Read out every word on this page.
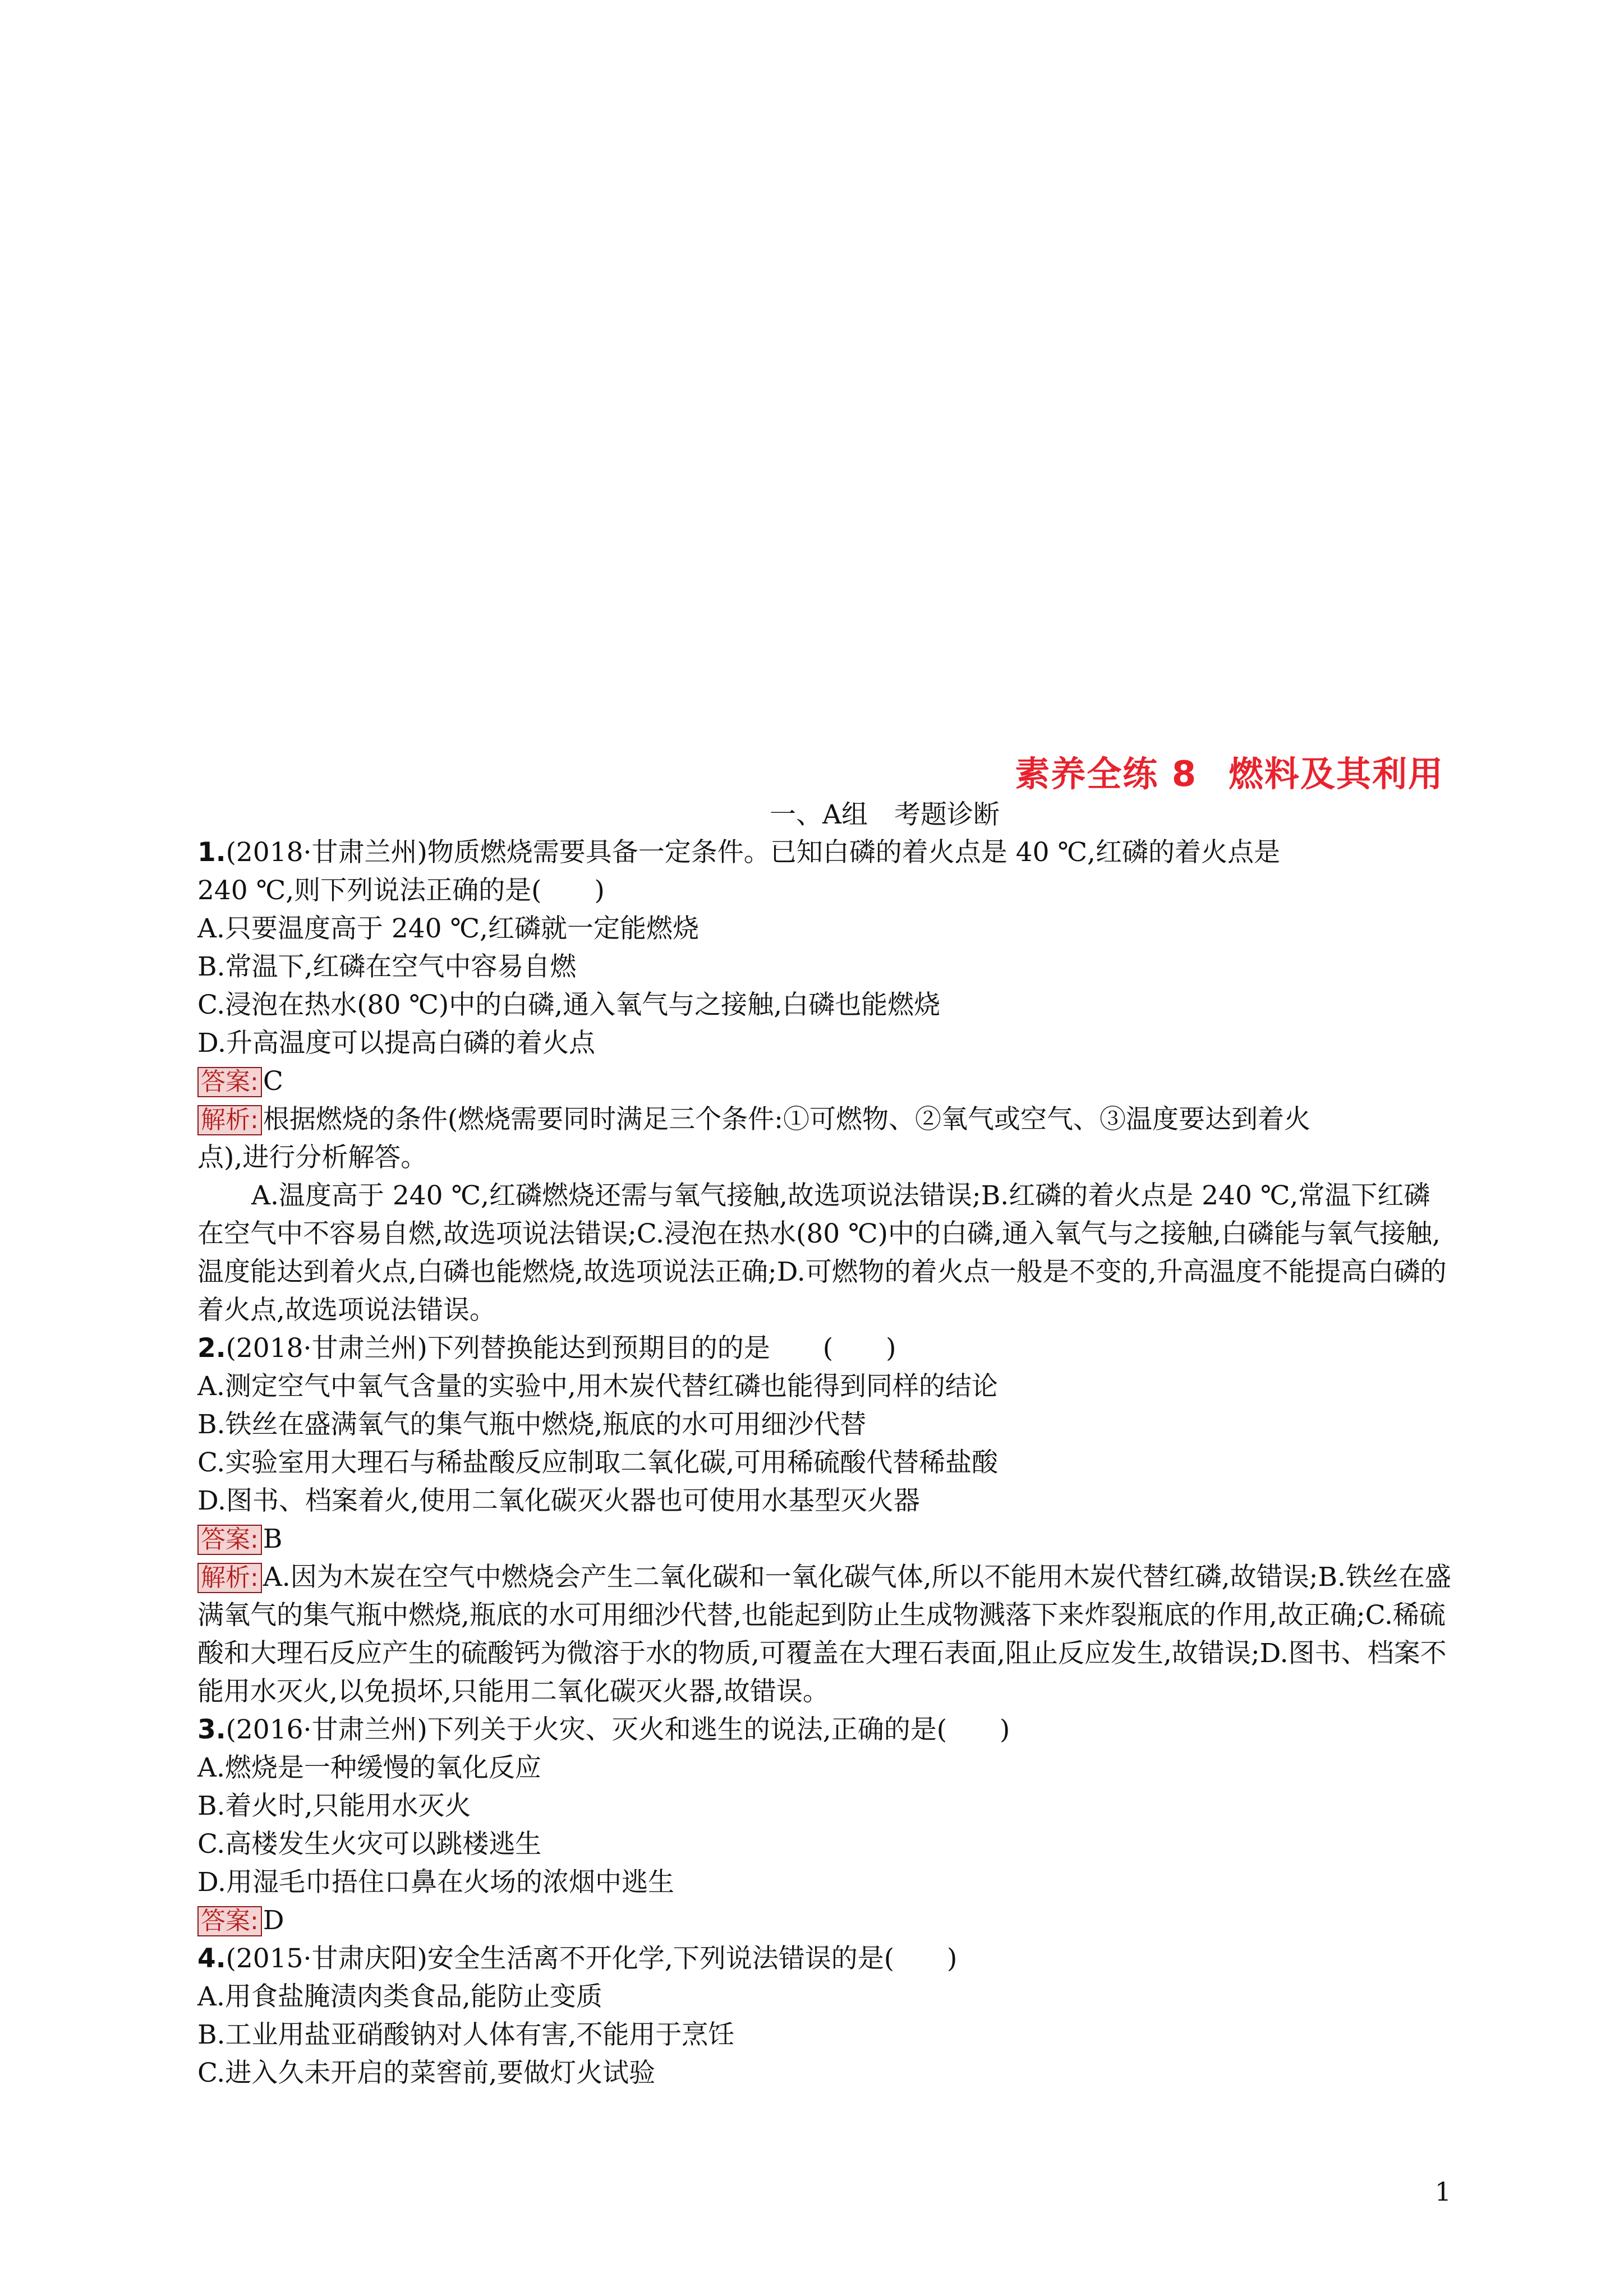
素养全练 8 燃料及其利用
一、A组　考题诊断

1.(2018·甘肃兰州)物质燃烧需要具备一定条件。已知白磷的着火点是 40 ℃,红磷的着火点是

240 ℃,则下列说法正确的是(　　)

A.只要温度高于 240 ℃,红磷就一定能燃烧

B.常温下,红磷在空气中容易自燃

C.浸泡在热水(80 ℃)中的白磷,通入氧气与之接触,白磷也能燃烧

D.升高温度可以提高白磷的着火点

答案: C

解析: 根据燃烧的条件(燃烧需要同时满足三个条件:①可燃物、②氧气或空气、③温度要达到着火

点),进行分析解答。

A.温度高于 240 ℃,红磷燃烧还需与氧气接触,故选项说法错误;B.红磷的着火点是 240 ℃,常温下红磷在空气中不容易自燃,故选项说法错误;C.浸泡在热水(80 ℃)中的白磷,通入氧气与之接触,白磷能与氧气接触,温度能达到着火点,白磷也能燃烧,故选项说法正确;D.可燃物的着火点一般是不变的,升高温度不能提高白磷的着火点,故选项说法错误。

2.(2018·甘肃兰州)下列替换能达到预期目的的是　　(　　)

A.测定空气中氧气含量的实验中,用木炭代替红磷也能得到同样的结论

B.铁丝在盛满氧气的集气瓶中燃烧,瓶底的水可用细沙代替

C.实验室用大理石与稀盐酸反应制取二氧化碳,可用稀硫酸代替稀盐酸

D.图书、档案着火,使用二氧化碳灭火器也可使用水基型灭火器

答案: B

解析: A.因为木炭在空气中燃烧会产生二氧化碳和一氧化碳气体,所以不能用木炭代替红磷,故错误;B.铁丝在盛满氧气的集气瓶中燃烧,瓶底的水可用细沙代替,也能起到防止生成物溅落下来炸裂瓶底的作用,故正确;C.稀硫酸和大理石反应产生的硫酸钙为微溶于水的物质,可覆盖在大理石表面,阻止反应发生,故错误;D.图书、档案不能用水灭火,以免损坏,只能用二氧化碳灭火器,故错误。

3.(2016·甘肃兰州)下列关于火灾、灭火和逃生的说法,正确的是(　　)

A.燃烧是一种缓慢的氧化反应

B.着火时,只能用水灭火

C.高楼发生火灾可以跳楼逃生

D.用湿毛巾捂住口鼻在火场的浓烟中逃生

答案: D

4.(2015·甘肃庆阳)安全生活离不开化学,下列说法错误的是(　　)

A.用食盐腌渍肉类食品,能防止变质

B.工业用盐亚硝酸钠对人体有害,不能用于烹饪

C.进入久未开启的菜窖前,要做灯火试验

1
